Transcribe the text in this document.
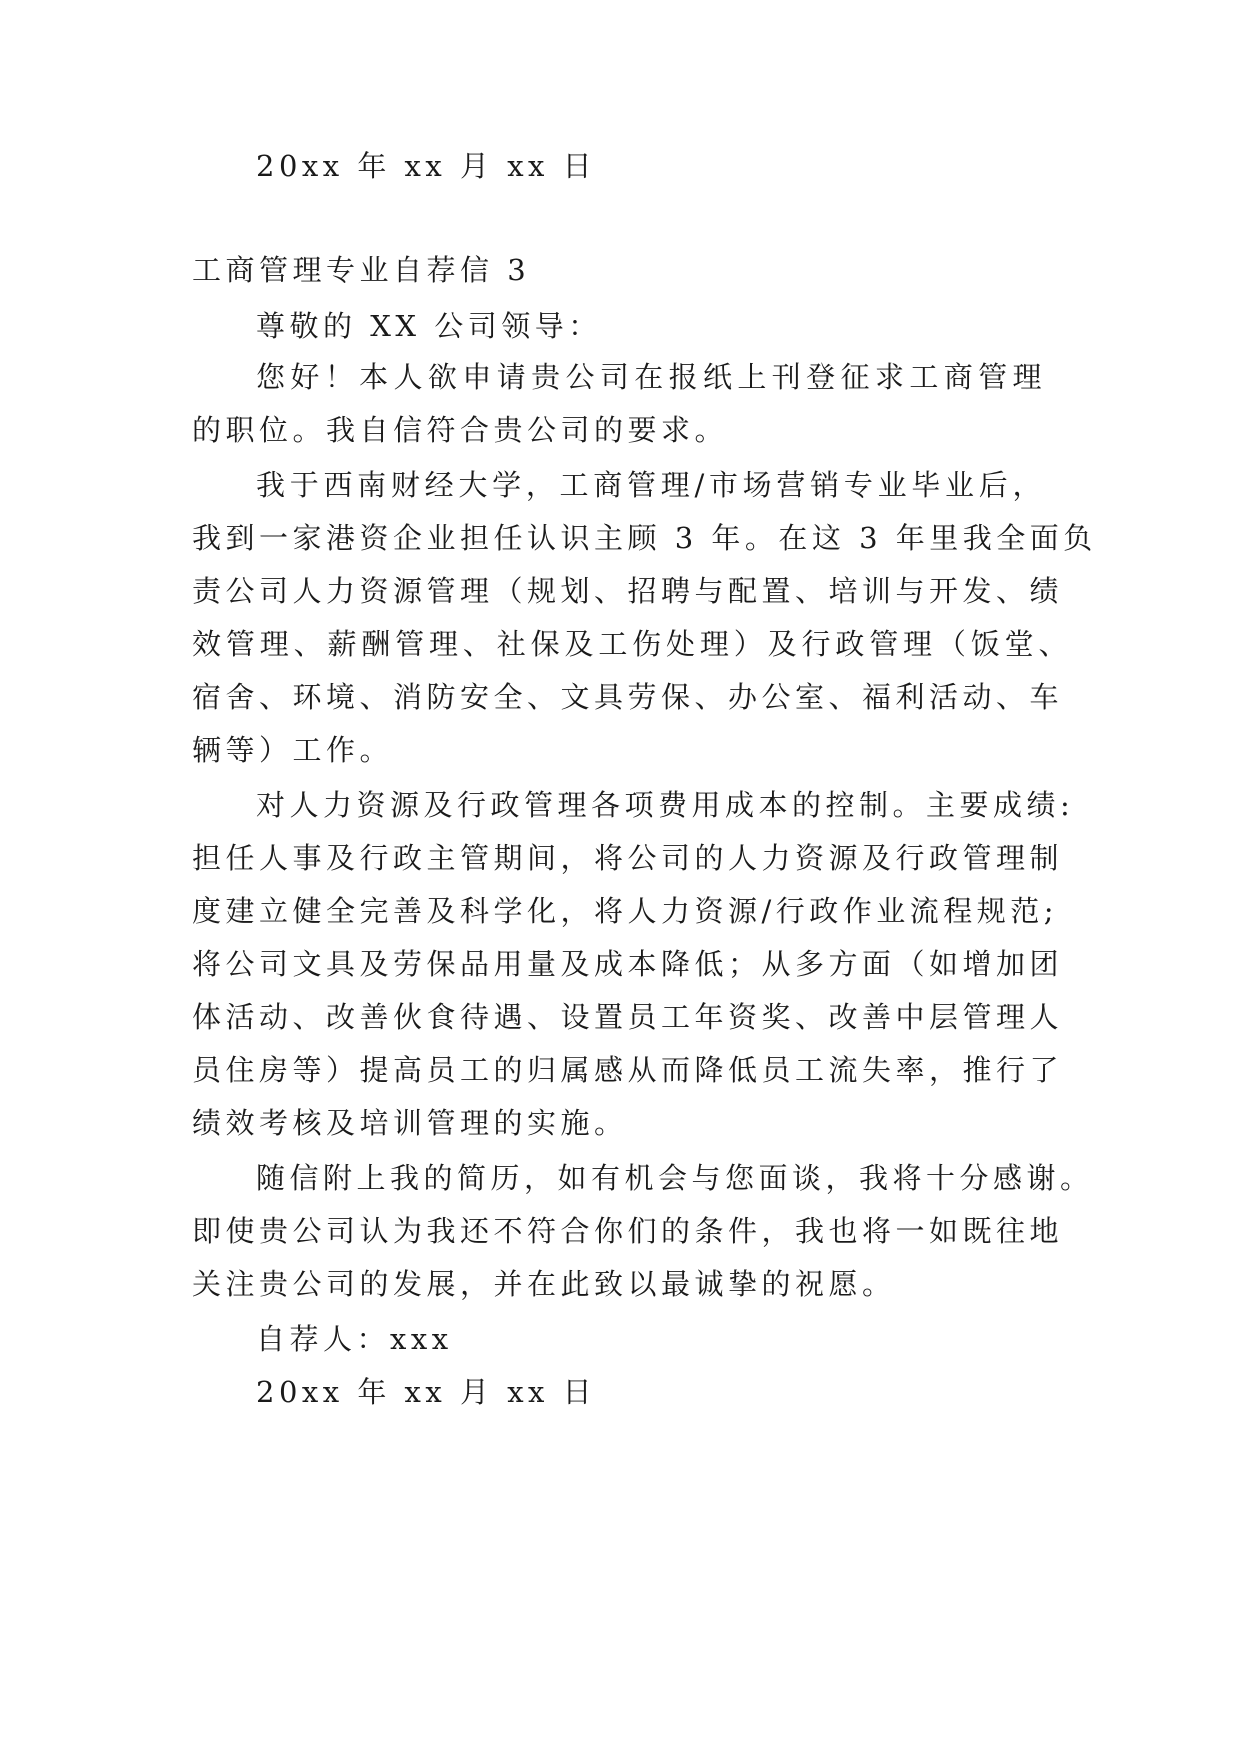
20xx 年 xx 月 xx 日
工商管理专业自荐信 3
尊敬的 XX 公司领导：
您好！本人欲申请贵公司在报纸上刊登征求工商管理
的职位。我自信符合贵公司的要求。
我于西南财经大学，工商管理/市场营销专业毕业后，
我到一家港资企业担任认识主顾 3 年。在这 3 年里我全面负
责公司人力资源管理（规划、招聘与配置、培训与开发、绩
效管理、薪酬管理、社保及工伤处理）及行政管理（饭堂、
宿舍、环境、消防安全、文具劳保、办公室、福利活动、车
辆等）工作。
对人力资源及行政管理各项费用成本的控制。主要成绩:
担任人事及行政主管期间，将公司的人力资源及行政管理制
度建立健全完善及科学化，将人力资源/行政作业流程规范;
将公司文具及劳保品用量及成本降低；从多方面（如增加团
体活动、改善伙食待遇、设置员工年资奖、改善中层管理人
员住房等）提高员工的归属感从而降低员工流失率，推行了
绩效考核及培训管理的实施。
随信附上我的简历，如有机会与您面谈，我将十分感谢。
即使贵公司认为我还不符合你们的条件，我也将一如既往地
关注贵公司的发展，并在此致以最诚挚的祝愿。
自荐人：xxx
20xx 年 xx 月 xx 日
